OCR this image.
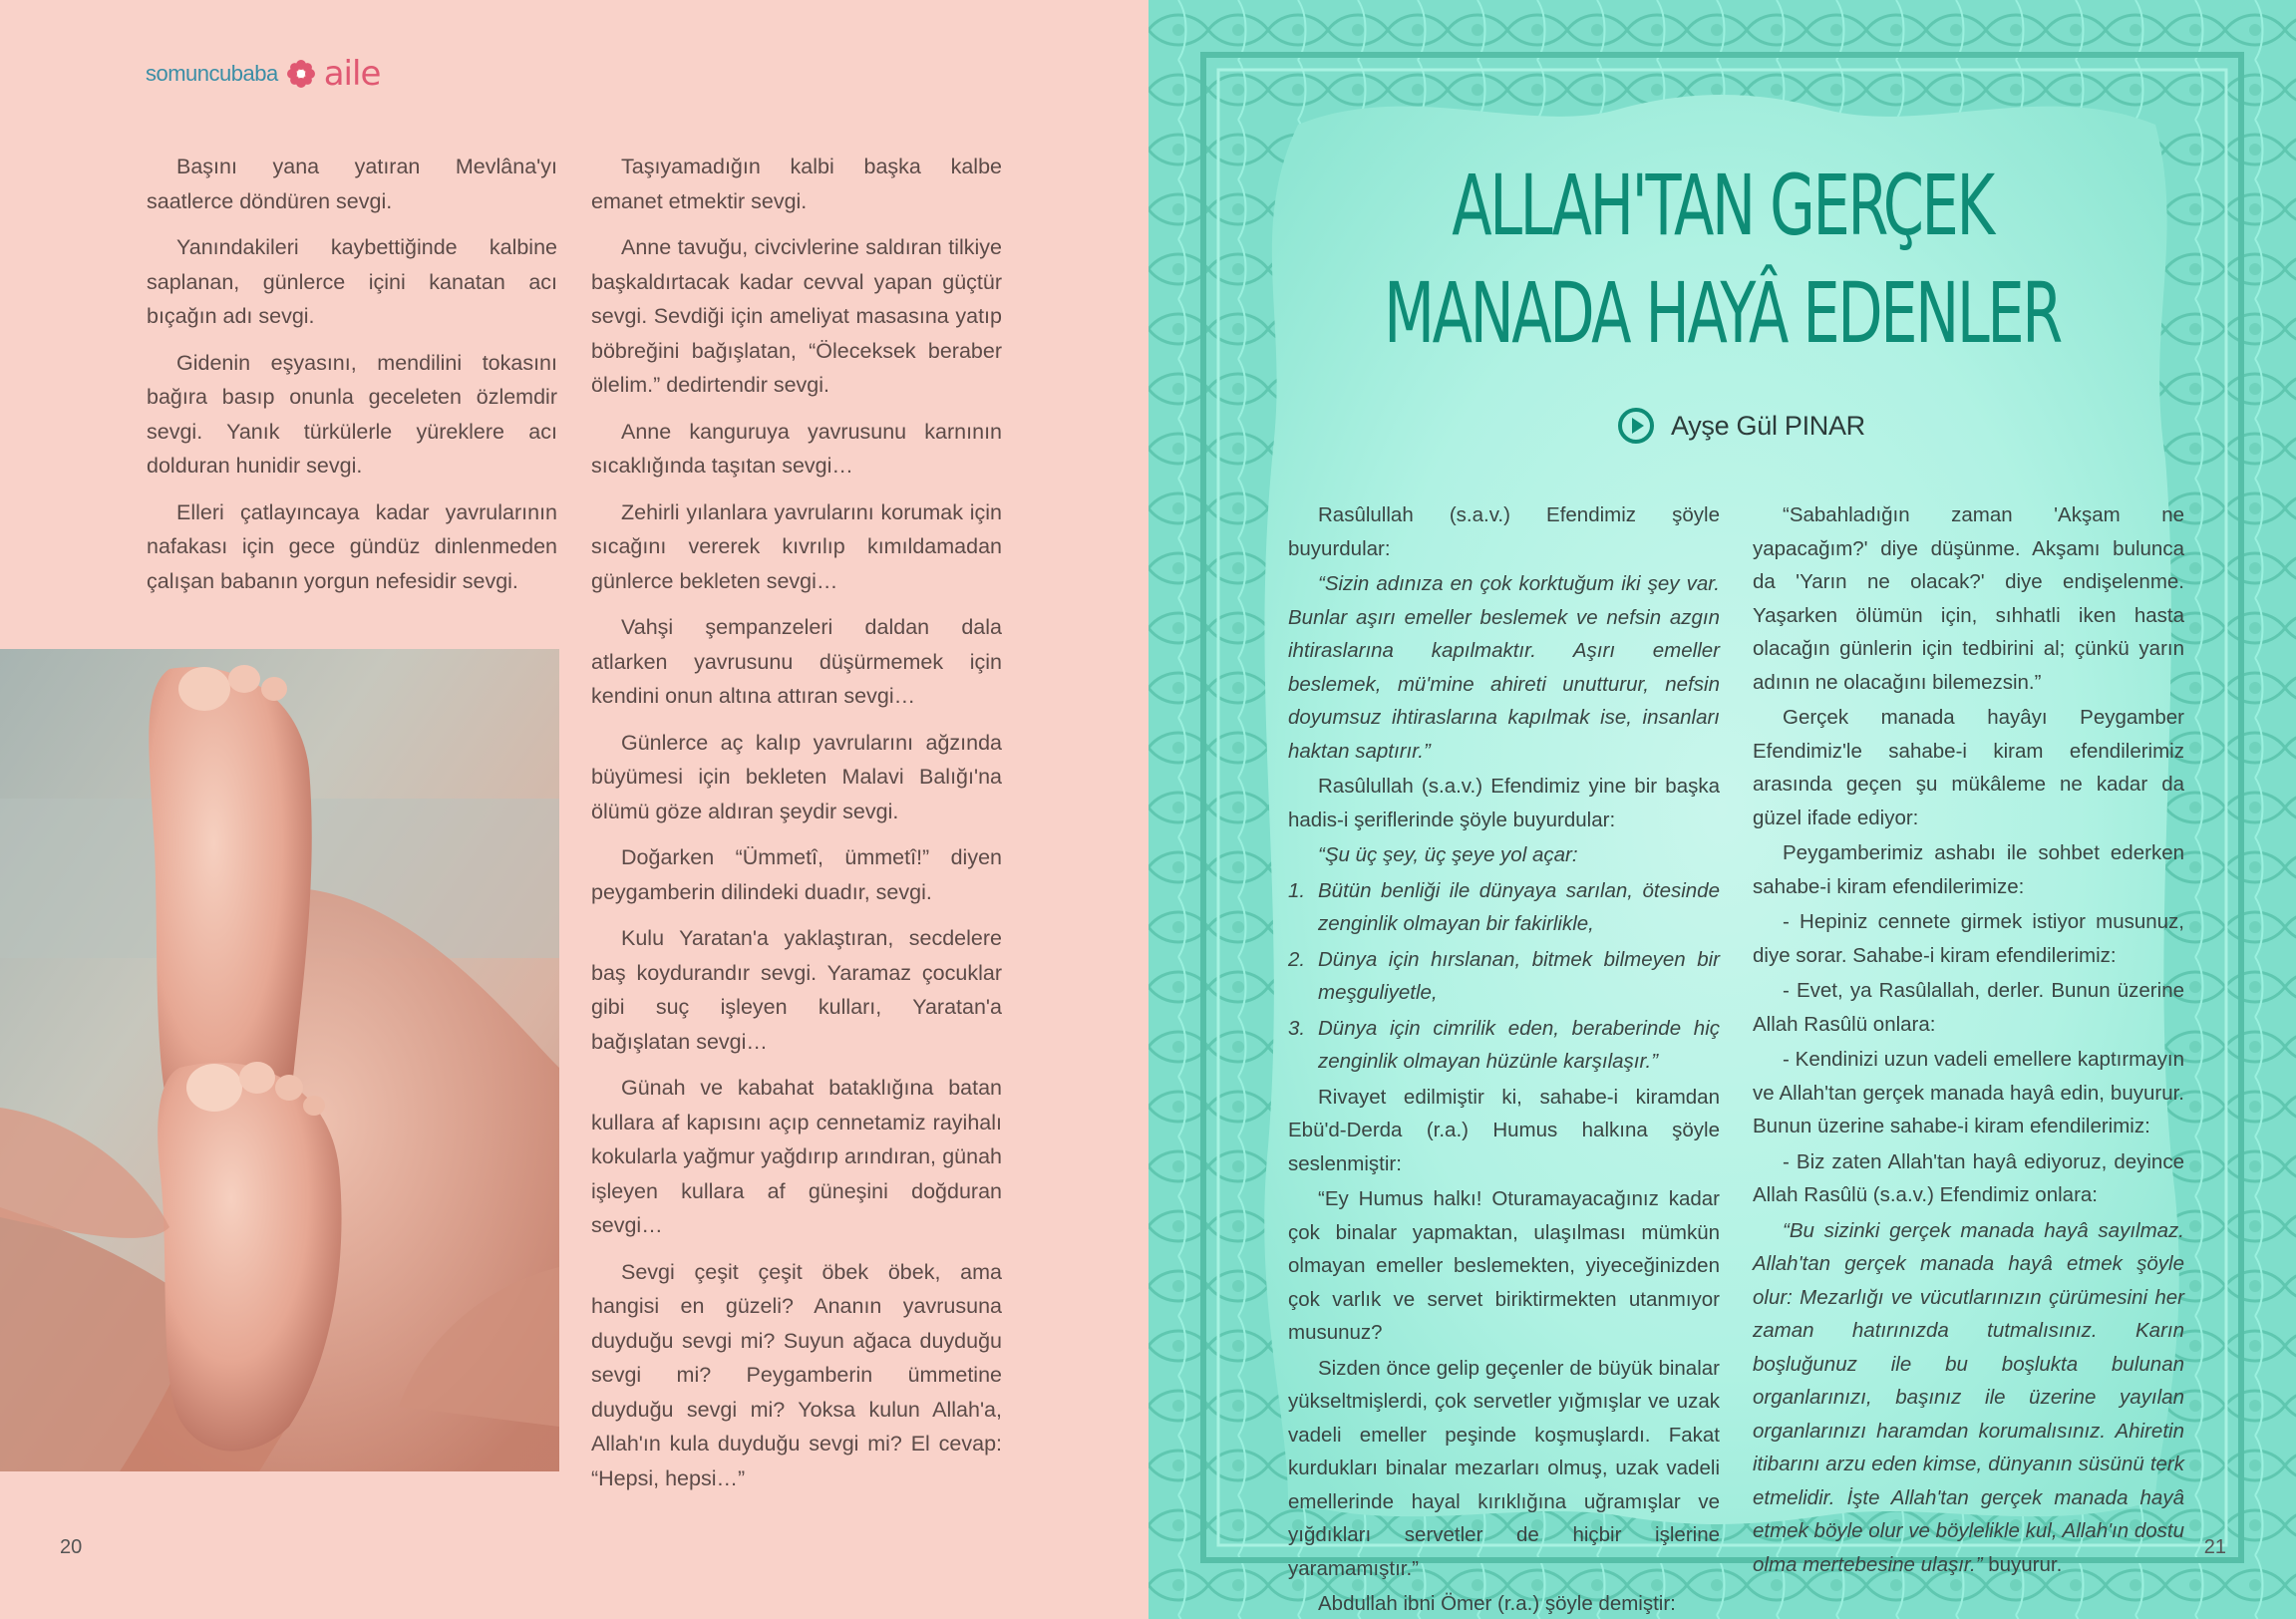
somuncubaba aile

Başını yana yatıran Mevlâna'yı saatlerce döndüren sevgi.

Yanındakileri kaybettiğinde kalbine saplanan, günlerce içini kanatan acı bıçağın adı sevgi.

Gidenin eşyasını, mendilini tokasını bağıra basıp onunla geceleten özlemdir sevgi. Yanık türkülerle yüreklere acı dolduran hunidir sevgi.

Elleri çatlayıncaya kadar yavrularının nafakası için gece gündüz dinlenmeden çalışan babanın yorgun nefesidir sevgi.

Taşıyamadığın kalbi başka kalbe emanet etmektir sevgi.

Anne tavuğu, civcivlerine saldıran tilkiye başkaldırtacak kadar cevval yapan güçtür sevgi. Sevdiği için ameliyat masasına yatıp böbreğini bağışlatan, “Öleceksek beraber ölelim.” dedirtendir sevgi.

Anne kanguruya yavrusunu karnının sıcaklığında taşıtan sevgi…

Zehirli yılanlara yavrularını korumak için sıcağını vererek kıvrılıp kımıldamadan günlerce bekleten sevgi…

Vahşi şempanzeleri daldan dala atlarken yavrusunu düşürmemek için kendini onun altına attıran sevgi…

Günlerce aç kalıp yavrularını ağzında büyümesi için bekleten Malavi Balığı'na ölümü göze aldıran şeydir sevgi.

Doğarken “Ümmetî, ümmetî!” diyen peygamberin dilindeki duadır, sevgi.

Kulu Yaratan'a yaklaştıran, secdelere baş koydurandır sevgi. Yaramaz çocuklar gibi suç işleyen kulları, Yaratan'a bağışlatan sevgi…

Günah ve kabahat bataklığına batan kullara af kapısını açıp cennetamiz rayihalı kokularla yağmur yağdırıp arındıran, günah işleyen kullara af güneşini doğduran sevgi…

Sevgi çeşit çeşit öbek öbek, ama hangisi en güzeli? Ananın yavrusuna duyduğu sevgi mi? Suyun ağaca duyduğu sevgi mi? Peygamberin ümmetine duyduğu sevgi mi? Yoksa kulun Allah'a, Allah'ın kula duyduğu sevgi mi? El cevap: “Hepsi, hepsi…”

20
ALLAH'TAN GERÇEK
MANADA HAYÂ EDENLER
Ayşe Gül PINAR

Rasûlullah (s.a.v.) Efendimiz şöyle buyurdular:

“Sizin adınıza en çok korktuğum iki şey var. Bunlar aşırı emeller beslemek ve nefsin azgın ihtiraslarına kapılmaktır. Aşırı emeller beslemek, mü'mine ahireti unutturur, nefsin doyumsuz ihtiraslarına kapılmak ise, insanları haktan saptırır.”

Rasûlullah (s.a.v.) Efendimiz yine bir başka hadis-i şeriflerinde şöyle buyurdular:

“Şu üç şey, üç şeye yol açar:

1. Bütün benliği ile dünyaya sarılan, ötesinde zenginlik olmayan bir fakirlikle,

2. Dünya için hırslanan, bitmek bilmeyen bir meşguliyetle,

3. Dünya için cimrilik eden, beraberinde hiç zenginlik olmayan hüzünle karşılaşır.”

Rivayet edilmiştir ki, sahabe-i kiramdan Ebü'd-Derda (r.a.) Humus halkına şöyle seslenmiştir:

“Ey Humus halkı! Oturamayacağınız kadar çok binalar yapmaktan, ulaşılması mümkün olmayan emeller beslemekten, yiyeceğinizden çok varlık ve servet biriktirmekten utanmıyor musunuz?

Sizden önce gelip geçenler de büyük binalar yükseltmişlerdi, çok servetler yığmışlar ve uzak vadeli emeller peşinde koşmuşlardı. Fakat kurdukları binalar mezarları olmuş, uzak vadeli emellerinde hayal kırıklığına uğramışlar ve yığdıkları servetler de hiçbir işlerine yaramamıştır.”

Abdullah ibni Ömer (r.a.) şöyle demiştir:

“Sabahladığın zaman 'Akşam ne yapacağım?' diye düşünme. Akşamı bulunca da 'Yarın ne olacak?' diye endişelenme. Yaşarken ölümün için, sıhhatli iken hasta olacağın günlerin için tedbirini al; çünkü yarın adının ne olacağını bilemezsin.”

Gerçek manada hayâyı Peygamber Efendimiz'le sahabe-i kiram efendilerimiz arasında geçen şu mükâleme ne kadar da güzel ifade ediyor:

Peygamberimiz ashabı ile sohbet ederken sahabe-i kiram efendilerimize:

- Hepiniz cennete girmek istiyor musunuz, diye sorar. Sahabe-i kiram efendilerimiz:

- Evet, ya Rasûlallah, derler. Bunun üzerine Allah Rasûlü onlara:

- Kendinizi uzun vadeli emellere kaptırmayın ve Allah'tan gerçek manada hayâ edin, buyurur. Bunun üzerine sahabe-i kiram efendilerimiz:

- Biz zaten Allah'tan hayâ ediyoruz, deyince Allah Rasûlü (s.a.v.) Efendimiz onlara:

“Bu sizinki gerçek manada hayâ sayılmaz. Allah'tan gerçek manada hayâ etmek şöyle olur: Mezarlığı ve vücutlarınızın çürümesini her zaman hatırınızda tutmalısınız. Karın boşluğunuz ile bu boşlukta bulunan organlarınızı, başınız ile üzerine yayılan organlarınızı haramdan korumalısınız. Ahiretin itibarını arzu eden kimse, dünyanın süsünü terk etmelidir. İşte Allah'tan gerçek manada hayâ etmek böyle olur ve böylelikle kul, Allah'ın dostu olma mertebesine ulaşır.” buyurur.

21
